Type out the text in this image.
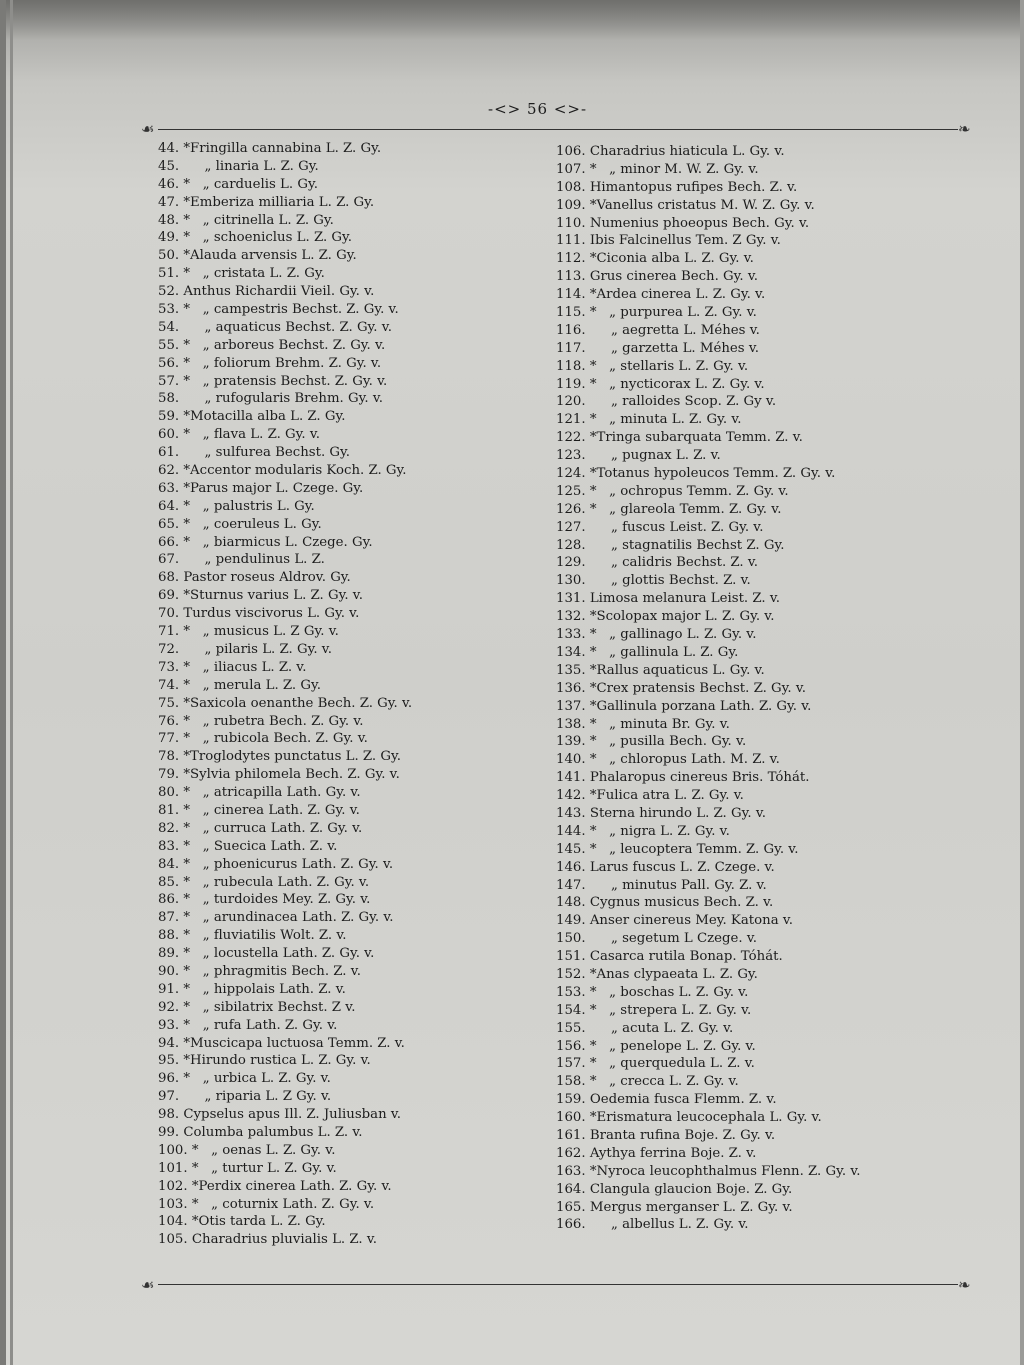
-<> 56 <>-
☙	❧
44. *Fringilla cannabina L. Z. Gy.
45.      „ linaria L. Z. Gy.
46. *   „ carduelis L. Gy.
47. *Emberiza milliaria L. Z. Gy.
48. *   „ citrinella L. Z. Gy.
49. *   „ schoeniclus L. Z. Gy.
50. *Alauda arvensis L. Z. Gy.
51. *   „ cristata L. Z. Gy.
52. Anthus Richardii Vieil. Gy. v.
53. *   „ campestris Bechst. Z. Gy. v.
54.      „ aquaticus Bechst. Z. Gy. v.
55. *   „ arboreus Bechst. Z. Gy. v.
56. *   „ foliorum Brehm. Z. Gy. v.
57. *   „ pratensis Bechst. Z. Gy. v.
58.      „ rufogularis Brehm. Gy. v.
59. *Motacilla alba L. Z. Gy.
60. *   „ flava L. Z. Gy. v.
61.      „ sulfurea Bechst. Gy.
62. *Accentor modularis Koch. Z. Gy.
63. *Parus major L. Czege. Gy.
64. *   „ palustris L. Gy.
65. *   „ coeruleus L. Gy.
66. *   „ biarmicus L. Czege. Gy.
67.      „ pendulinus L. Z.
68. Pastor roseus Aldrov. Gy.
69. *Sturnus varius L. Z. Gy. v.
70. Turdus viscivorus L. Gy. v.
71. *   „ musicus L. Z Gy. v.
72.      „ pilaris L. Z. Gy. v.
73. *   „ iliacus L. Z. v.
74. *   „ merula L. Z. Gy.
75. *Saxicola oenanthe Bech. Z. Gy. v.
76. *   „ rubetra Bech. Z. Gy. v.
77. *   „ rubicola Bech. Z. Gy. v.
78. *Troglodytes punctatus L. Z. Gy.
79. *Sylvia philomela Bech. Z. Gy. v.
80. *   „ atricapilla Lath. Gy. v.
81. *   „ cinerea Lath. Z. Gy. v.
82. *   „ curruca Lath. Z. Gy. v.
83. *   „ Suecica Lath. Z. v.
84. *   „ phoenicurus Lath. Z. Gy. v.
85. *   „ rubecula Lath. Z. Gy. v.
86. *   „ turdoides Mey. Z. Gy. v.
87. *   „ arundinacea Lath. Z. Gy. v.
88. *   „ fluviatilis Wolt. Z. v.
89. *   „ locustella Lath. Z. Gy. v.
90. *   „ phragmitis Bech. Z. v.
91. *   „ hippolais Lath. Z. v.
92. *   „ sibilatrix Bechst. Z v.
93. *   „ rufa Lath. Z. Gy. v.
94. *Muscicapa luctuosa Temm. Z. v.
95. *Hirundo rustica L. Z. Gy. v.
96. *   „ urbica L. Z. Gy. v.
97.      „ riparia L. Z Gy. v.
98. Cypselus apus Ill. Z. Juliusban v.
99. Columba palumbus L. Z. v.
100. *   „ oenas L. Z. Gy. v.
101. *   „ turtur L. Z. Gy. v.
102. *Perdix cinerea Lath. Z. Gy. v.
103. *   „ coturnix Lath. Z. Gy. v.
104. *Otis tarda L. Z. Gy.
105. Charadrius pluvialis L. Z. v.
106. Charadrius hiaticula L. Gy. v.
107. *   „ minor M. W. Z. Gy. v.
108. Himantopus rufipes Bech. Z. v.
109. *Vanellus cristatus M. W. Z. Gy. v.
110. Numenius phoeopus Bech. Gy. v.
111. Ibis Falcinellus Tem. Z Gy. v.
112. *Ciconia alba L. Z. Gy. v.
113. Grus cinerea Bech. Gy. v.
114. *Ardea cinerea L. Z. Gy. v.
115. *   „ purpurea L. Z. Gy. v.
116.      „ aegretta L. Méhes v.
117.      „ garzetta L. Méhes v.
118. *   „ stellaris L. Z. Gy. v.
119. *   „ nycticorax L. Z. Gy. v.
120.      „ ralloides Scop. Z. Gy v.
121. *   „ minuta L. Z. Gy. v.
122. *Tringa subarquata Temm. Z. v.
123.      „ pugnax L. Z. v.
124. *Totanus hypoleucos Temm. Z. Gy. v.
125. *   „ ochropus Temm. Z. Gy. v.
126. *   „ glareola Temm. Z. Gy. v.
127.      „ fuscus Leist. Z. Gy. v.
128.      „ stagnatilis Bechst Z. Gy.
129.      „ calidris Bechst. Z. v.
130.      „ glottis Bechst. Z. v.
131. Limosa melanura Leist. Z. v.
132. *Scolopax major L. Z. Gy. v.
133. *   „ gallinago L. Z. Gy. v.
134. *   „ gallinula L. Z. Gy.
135. *Rallus aquaticus L. Gy. v.
136. *Crex pratensis Bechst. Z. Gy. v.
137. *Gallinula porzana Lath. Z. Gy. v.
138. *   „ minuta Br. Gy. v.
139. *   „ pusilla Bech. Gy. v.
140. *   „ chloropus Lath. M. Z. v.
141. Phalaropus cinereus Bris. Tóhát.
142. *Fulica atra L. Z. Gy. v.
143. Sterna hirundo L. Z. Gy. v.
144. *   „ nigra L. Z. Gy. v.
145. *   „ leucoptera Temm. Z. Gy. v.
146. Larus fuscus L. Z. Czege. v.
147.      „ minutus Pall. Gy. Z. v.
148. Cygnus musicus Bech. Z. v.
149. Anser cinereus Mey. Katona v.
150.      „ segetum L Czege. v.
151. Casarca rutila Bonap. Tóhát.
152. *Anas clypaeata L. Z. Gy.
153. *   „ boschas L. Z. Gy. v.
154. *   „ strepera L. Z. Gy. v.
155.      „ acuta L. Z. Gy. v.
156. *   „ penelope L. Z. Gy. v.
157. *   „ querquedula L. Z. v.
158. *   „ crecca L. Z. Gy. v.
159. Oedemia fusca Flemm. Z. v.
160. *Erismatura leucocephala L. Gy. v.
161. Branta rufina Boje. Z. Gy. v.
162. Aythya ferrina Boje. Z. v.
163. *Nyroca leucophthalmus Flenn. Z. Gy. v.
164. Clangula glaucion Boje. Z. Gy.
165. Mergus merganser L. Z. Gy. v.
166.      „ albellus L. Z. Gy. v.
☙	❧
